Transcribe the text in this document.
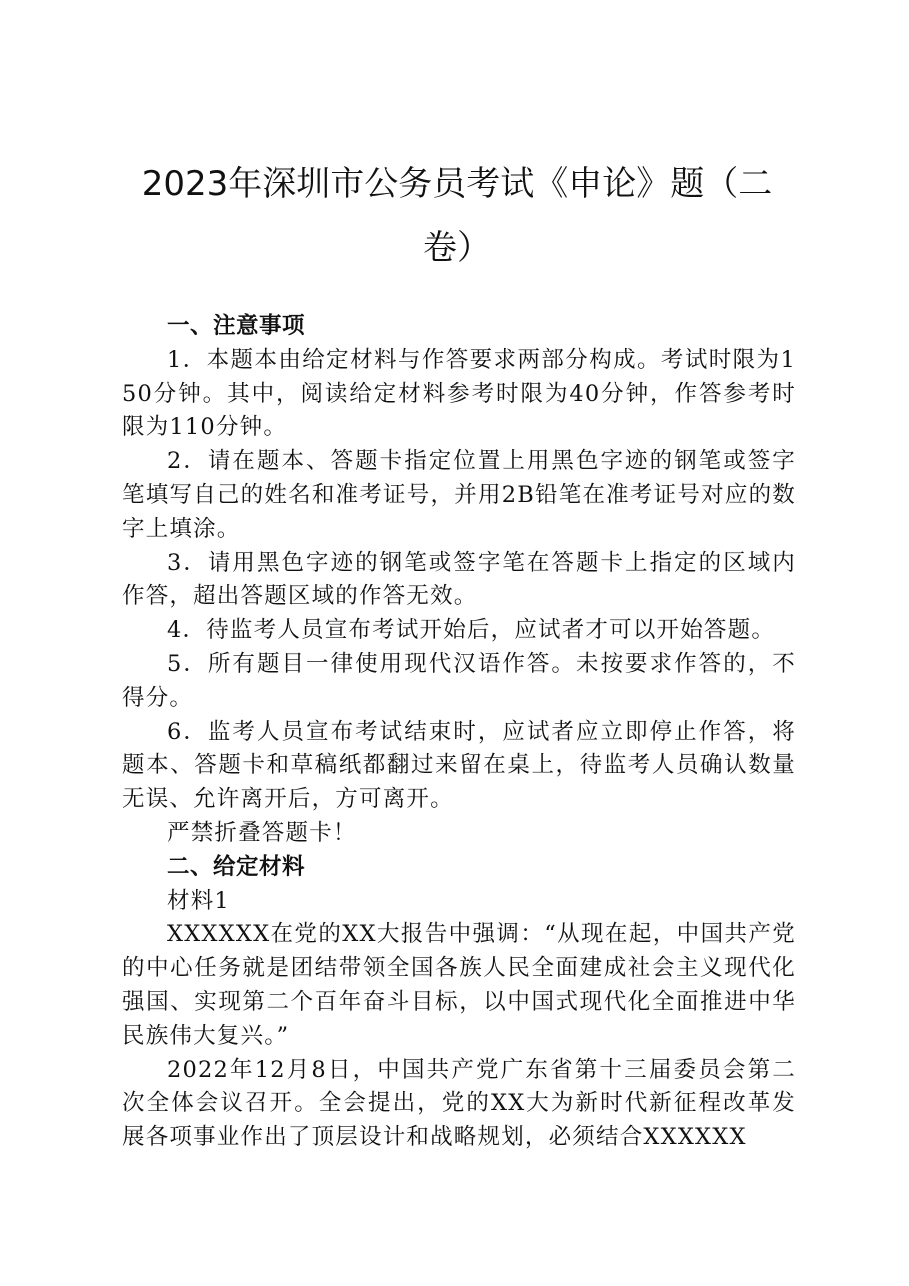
2023年深圳市公务员考试《申论》题（二卷）

一、注意事项

1．本题本由给定材料与作答要求两部分构成。考试时限为150分钟。其中，阅读给定材料参考时限为40分钟，作答参考时限为110分钟。

2．请在题本、答题卡指定位置上用黑色字迹的钢笔或签字笔填写自己的姓名和准考证号，并用2B铅笔在准考证号对应的数字上填涂。

3．请用黑色字迹的钢笔或签字笔在答题卡上指定的区域内作答，超出答题区域的作答无效。

4．待监考人员宣布考试开始后，应试者才可以开始答题。

5．所有题目一律使用现代汉语作答。未按要求作答的，不得分。

6．监考人员宣布考试结束时，应试者应立即停止作答，将题本、答题卡和草稿纸都翻过来留在桌上，待监考人员确认数量无误、允许离开后，方可离开。

严禁折叠答题卡！

二、给定材料

材料1

XXXXXX在党的XX大报告中强调：“从现在起，中国共产党的中心任务就是团结带领全国各族人民全面建成社会主义现代化强国、实现第二个百年奋斗目标，以中国式现代化全面推进中华民族伟大复兴。”

2022年12月8日，中国共产党广东省第十三届委员会第二次全体会议召开。全会提出，党的XX大为新时代新征程改革发展各项事业作出了顶层设计和战略规划，必须结合XXXXXX
